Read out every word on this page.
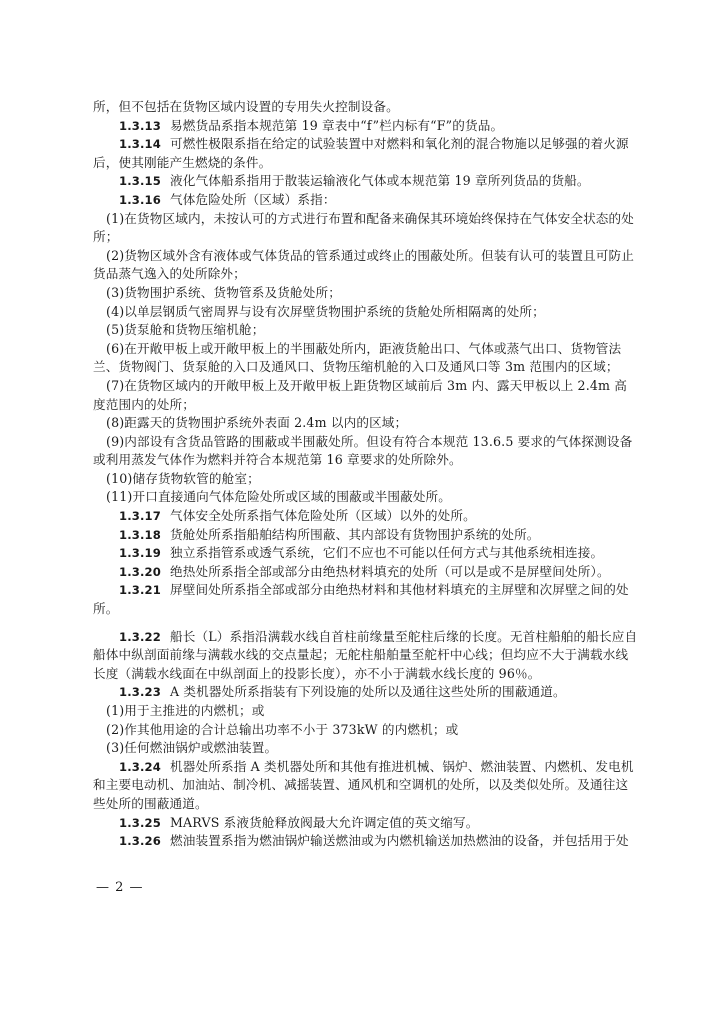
所，但不包括在货物区域内设置的专用失火控制设备。

1.3.13 易燃货品系指本规范第 19 章表中“f”栏内标有“F”的货品。

1.3.14 可燃性极限系指在给定的试验装置中对燃料和氧化剂的混合物施以足够强的着火源后，使其刚能产生燃烧的条件。

1.3.15 液化气体船系指用于散装运输液化气体或本规范第 19 章所列货品的货船。

1.3.16 气体危险处所（区域）系指：

(1)在货物区域内，未按认可的方式进行布置和配备来确保其环境始终保持在气体安全状态的处所；

(2)货物区域外含有液体或气体货品的管系通过或终止的围蔽处所。但装有认可的装置且可防止货品蒸气逸入的处所除外；

(3)货物围护系统、货物管系及货舱处所；

(4)以单层钢质气密周界与设有次屏壁货物围护系统的货舱处所相隔离的处所；

(5)货泵舱和货物压缩机舱；

(6)在开敞甲板上或开敞甲板上的半围蔽处所内，距液货舱出口、气体或蒸气出口、货物管法兰、货物阀门、货泵舱的入口及通风口、货物压缩机舱的入口及通风口等 3m 范围内的区域；

(7)在货物区域内的开敞甲板上及开敞甲板上距货物区域前后 3m 内、露天甲板以上 2.4m 高度范围内的处所；

(8)距露天的货物围护系统外表面 2.4m 以内的区域；

(9)内部设有含货品管路的围蔽或半围蔽处所。但设有符合本规范 13.6.5 要求的气体探测设备或利用蒸发气体作为燃料并符合本规范第 16 章要求的处所除外。

(10)储存货物软管的舱室；

(11)开口直接通向气体危险处所或区域的围蔽或半围蔽处所。

1.3.17 气体安全处所系指气体危险处所（区域）以外的处所。

1.3.18 货舱处所系指船舶结构所围蔽、其内部设有货物围护系统的处所。

1.3.19 独立系指管系或透气系统，它们不应也不可能以任何方式与其他系统相连接。

1.3.20 绝热处所系指全部或部分由绝热材料填充的处所（可以是或不是屏壁间处所）。

1.3.21 屏壁间处所系指全部或部分由绝热材料和其他材料填充的主屏壁和次屏壁之间的处所。

1.3.22 船长（L）系指沿满载水线自首柱前缘量至舵柱后缘的长度。无首柱船舶的船长应自船体中纵剖面前缘与满载水线的交点量起；无舵柱船舶量至舵杆中心线；但均应不大于满载水线长度（满载水线面在中纵剖面上的投影长度），亦不小于满载水线长度的 96％。

1.3.23 A 类机器处所系指装有下列设施的处所以及通往这些处所的围蔽通道。

(1)用于主推进的内燃机；或

(2)作其他用途的合计总输出功率不小于 373kW 的内燃机；或

(3)任何燃油锅炉或燃油装置。

1.3.24 机器处所系指 A 类机器处所和其他有推进机械、锅炉、燃油装置、内燃机、发电机和主要电动机、加油站、制冷机、减摇装置、通风机和空调机的处所，以及类似处所。及通往这些处所的围蔽通道。

1.3.25 MARVS 系液货舱释放阀最大允许调定值的英文缩写。

1.3.26 燃油装置系指为燃油锅炉输送燃油或为内燃机输送加热燃油的设备，并包括用于处

— 2 —
